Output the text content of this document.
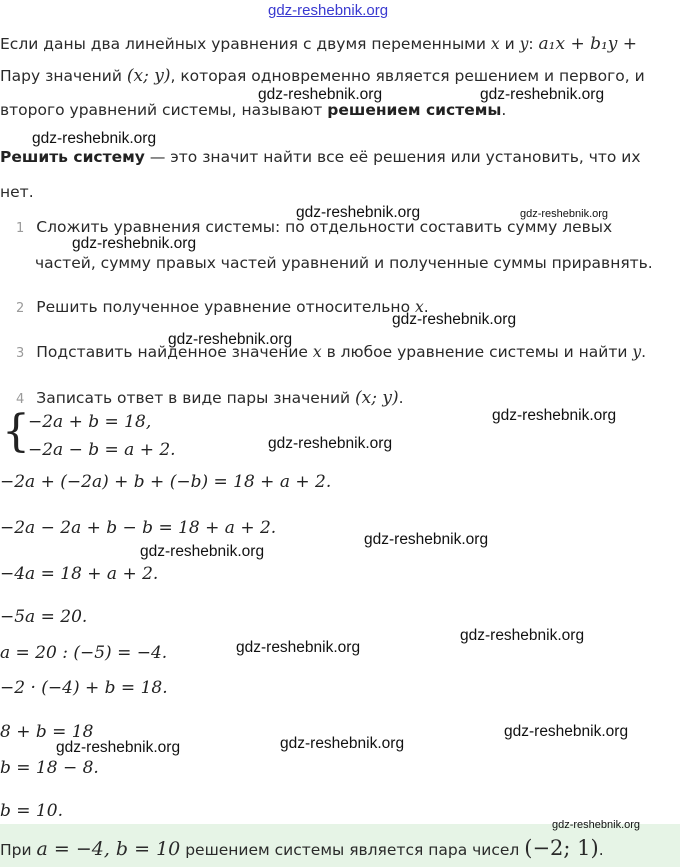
gdz-reshebnik.org
Если даны два линейных уравнения с двумя переменными x и y: a₁x + b₁y +
Пару значений (x; y), которая одновременно является решением и первого, и
второго уравнений системы, называют решением системы.
Решить систему — это значит найти все её решения или установить, что их
нет.
1 Сложить уравнения системы: по отдельности составить сумму левых
частей, сумму правых частей уравнений и полученные суммы приравнять.
2 Решить полученное уравнение относительно x.
3 Подставить найденное значение x в любое уравнение системы и найти y.
4 Записать ответ в виде пары значений (x; y).
{
−2a + b = 18,
−2a − b = a + 2.
−2a + (−2a) + b + (−b) = 18 + a + 2.
−2a − 2a + b − b = 18 + a + 2.
−4a = 18 + a + 2.
−5a = 20.
a = 20 : (−5) = −4.
−2 · (−4) + b = 18.
8 + b = 18
b = 18 − 8.
b = 10.
При a = −4, b = 10 решением системы является пара чисел (−2; 1).
gdz-reshebnik.org	gdz-reshebnik.org
gdz-reshebnik.org
gdz-reshebnik.org	gdz-reshebnik.org
gdz-reshebnik.org
gdz-reshebnik.org
gdz-reshebnik.org
gdz-reshebnik.org
gdz-reshebnik.org
gdz-reshebnik.org
gdz-reshebnik.org
gdz-reshebnik.org
gdz-reshebnik.org
gdz-reshebnik.org
gdz-reshebnik.org
gdz-reshebnik.org
gdz-reshebnik.org
